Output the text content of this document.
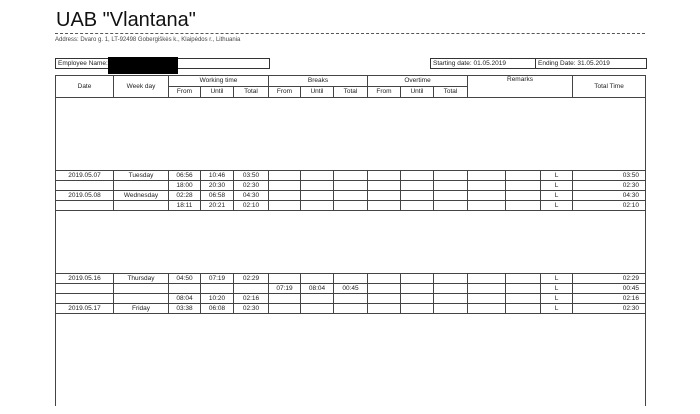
UAB "Vlantana"
Address: Dvaro g. 1, LT-92498 Gobergiškės k., Klaipėdos r., Lithuania
Employee Name:	Starting date: 01.05.2019	Ending Date: 31.05.2019
Date	Week day	Working time			Breaks			Overtime			Remarks			Total Time
		From	Until	Total	From	Until	Total	From	Until	Total				

2019.05.07	Tuesday	06:56	10:46	03:50									L	03:50
		18:00	20:30	02:30									L	02:30
2019.05.08	Wednesday	02:28	06:58	04:30									L	04:30
		18:11	20:21	02:10									L	02:10

2019.05.16	Thursday	04:50	07:19	02:29									L	02:29
					07:19	08:04	00:45						L	00:45
		08:04	10:20	02:16									L	02:16
2019.05.17	Friday	03:38	06:08	02:30									L	02:30
